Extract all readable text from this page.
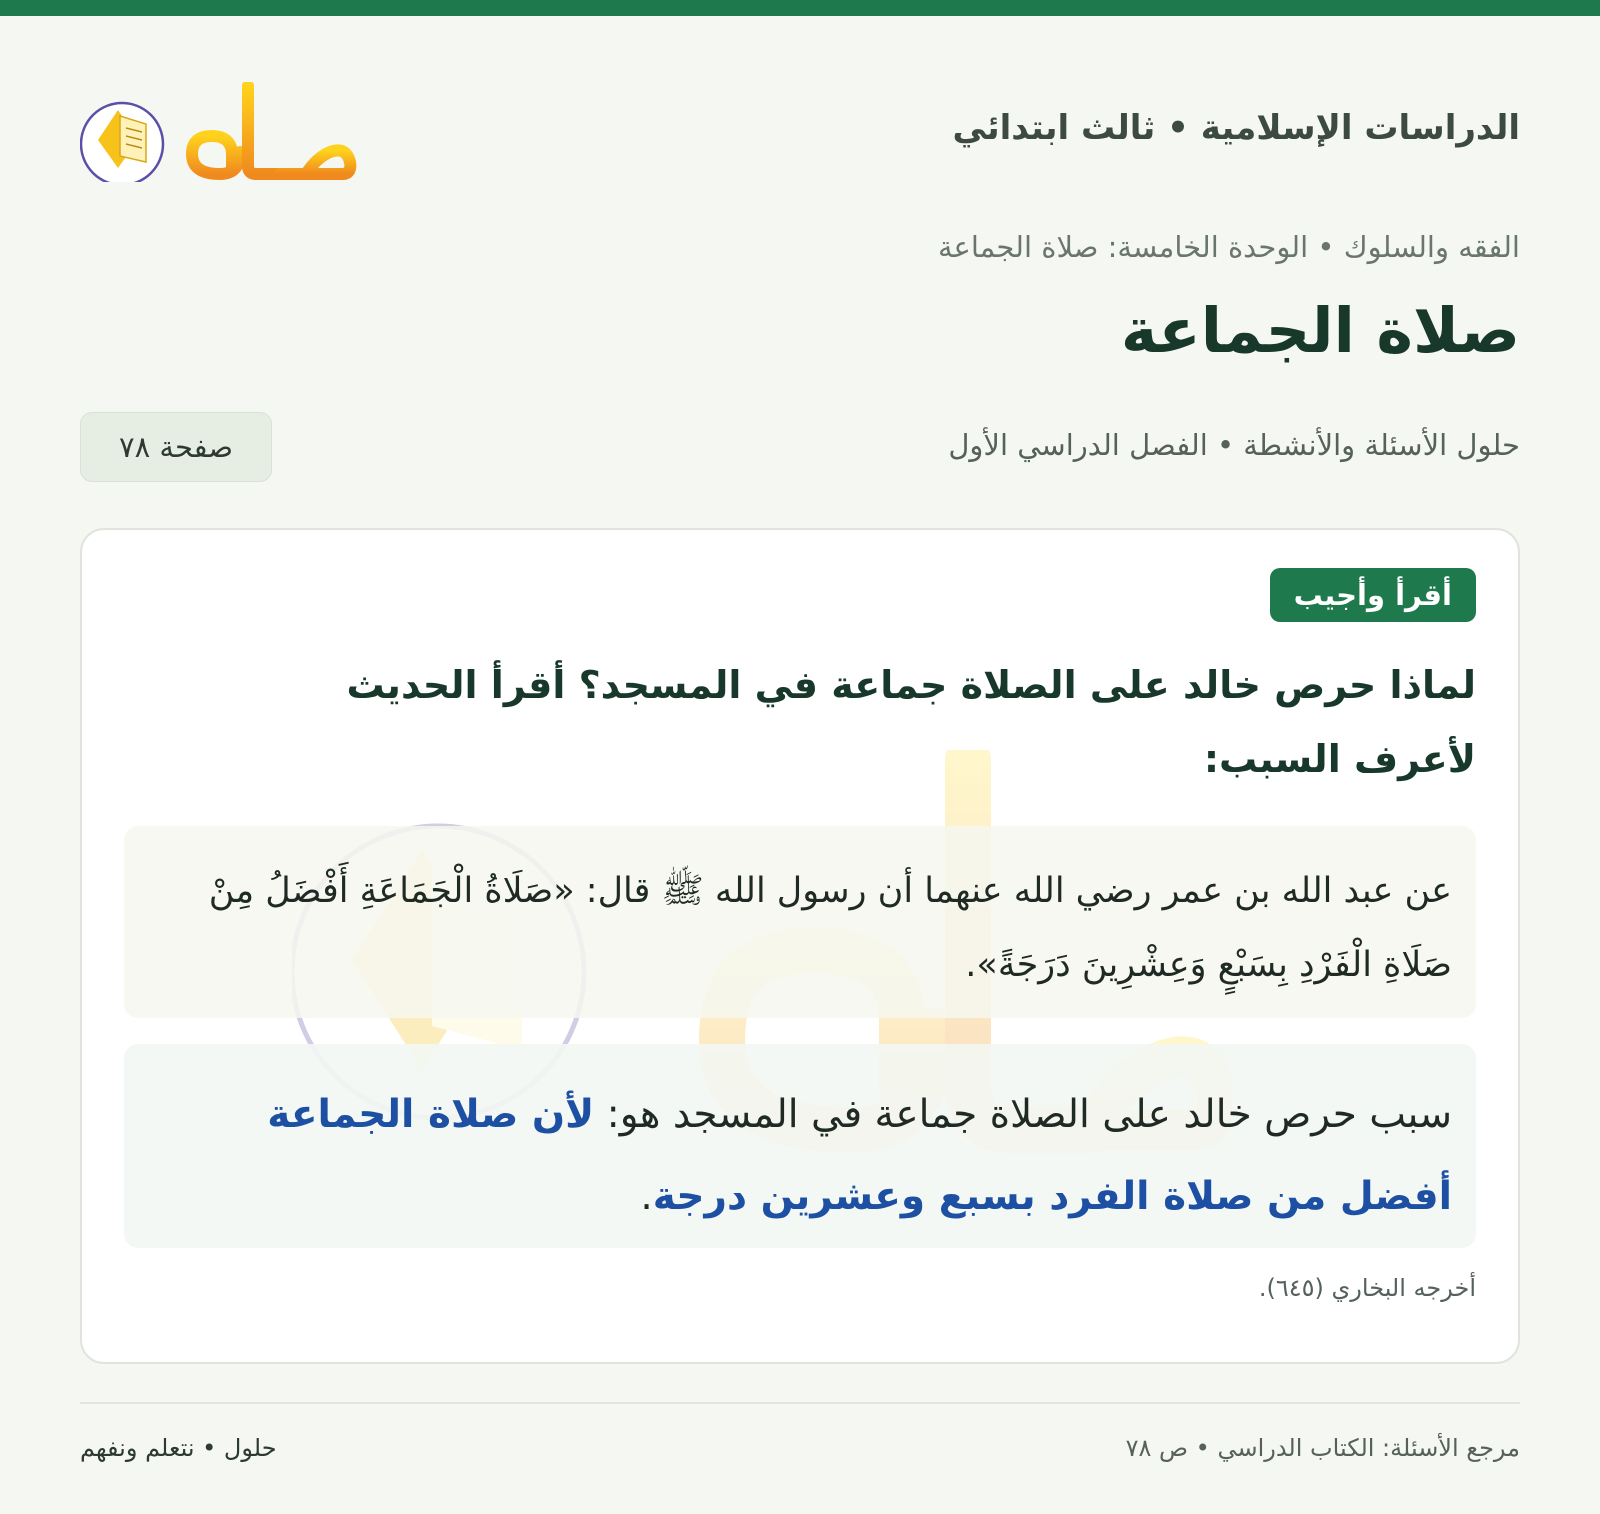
الدراسات الإسلامية • ثالث ابتدائي
الفقه والسلوك • الوحدة الخامسة: صلاة الجماعة
صلاة الجماعة
حلول الأسئلة والأنشطة • الفصل الدراسي الأول
صفحة ٧٨
أقرأ وأجيب
لماذا حرص خالد على الصلاة جماعة في المسجد؟ أقرأ الحديث لأعرف السبب:
عن عبد الله بن عمر رضي الله عنهما أن رسول الله ﷺ قال: «صَلَاةُ الْجَمَاعَةِ أَفْضَلُ مِنْ صَلَاةِ الْفَرْدِ بِسَبْعٍ وَعِشْرِينَ دَرَجَةً».
سبب حرص خالد على الصلاة جماعة في المسجد هو: لأن صلاة الجماعة أفضل من صلاة الفرد بسبع وعشرين درجة.
أخرجه البخاري (٦٤٥).
مرجع الأسئلة: الكتاب الدراسي • ص ٧٨
حلول • نتعلم ونفهم
